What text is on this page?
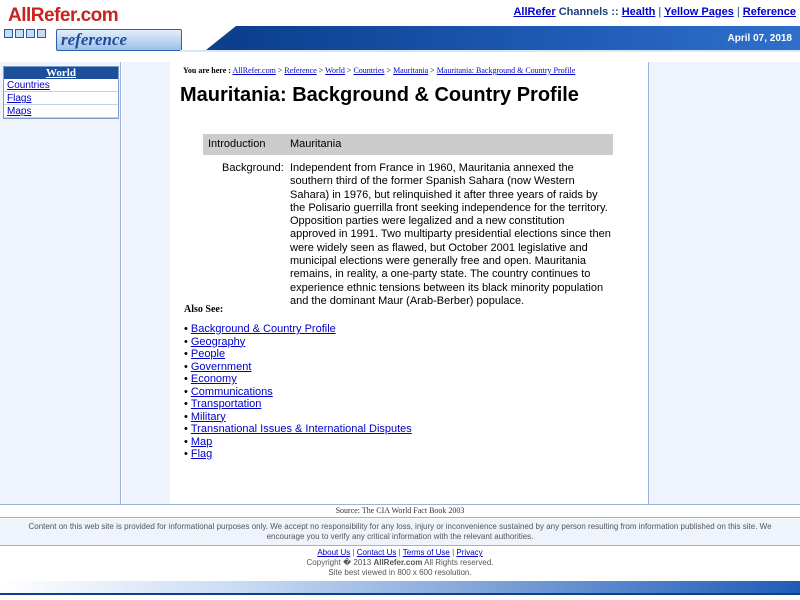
AllRefer.com
reference
AllRefer Channels :: Health | Yellow Pages | Reference
April 07, 2018
World
Countries
Flags
Maps
You are here : AllRefer.com > Reference > World > Countries > Mauritania > Mauritania: Background & Country Profile
Mauritania: Background & Country Profile
Introduction Mauritania
Background: Independent from France in 1960, Mauritania annexed the southern third of the former Spanish Sahara (now Western Sahara) in 1976, but relinquished it after three years of raids by the Polisario guerrilla front seeking independence for the territory. Opposition parties were legalized and a new constitution approved in 1991. Two multiparty presidential elections since then were widely seen as flawed, but October 2001 legislative and municipal elections were generally free and open. Mauritania remains, in reality, a one-party state. The country continues to experience ethnic tensions between its black minority population and the dominant Maur (Arab-Berber) populace.
Also See:
• Background & Country Profile
• Geography
• People
• Government
• Economy
• Communications
• Transportation
• Military
• Transnational Issues & International Disputes
• Map
• Flag
Source: The CIA World Fact Book 2003
Content on this web site is provided for informational purposes only. We accept no responsibility for any loss, injury or inconvenience sustained by any person resulting from information published on this site. We encourage you to verify any critical information with the relevant authorities.
About Us | Contact Us | Terms of Use | Privacy
Copyright � 2013 AllRefer.com All Rights reserved.
Site best viewed in 800 x 600 resolution.
